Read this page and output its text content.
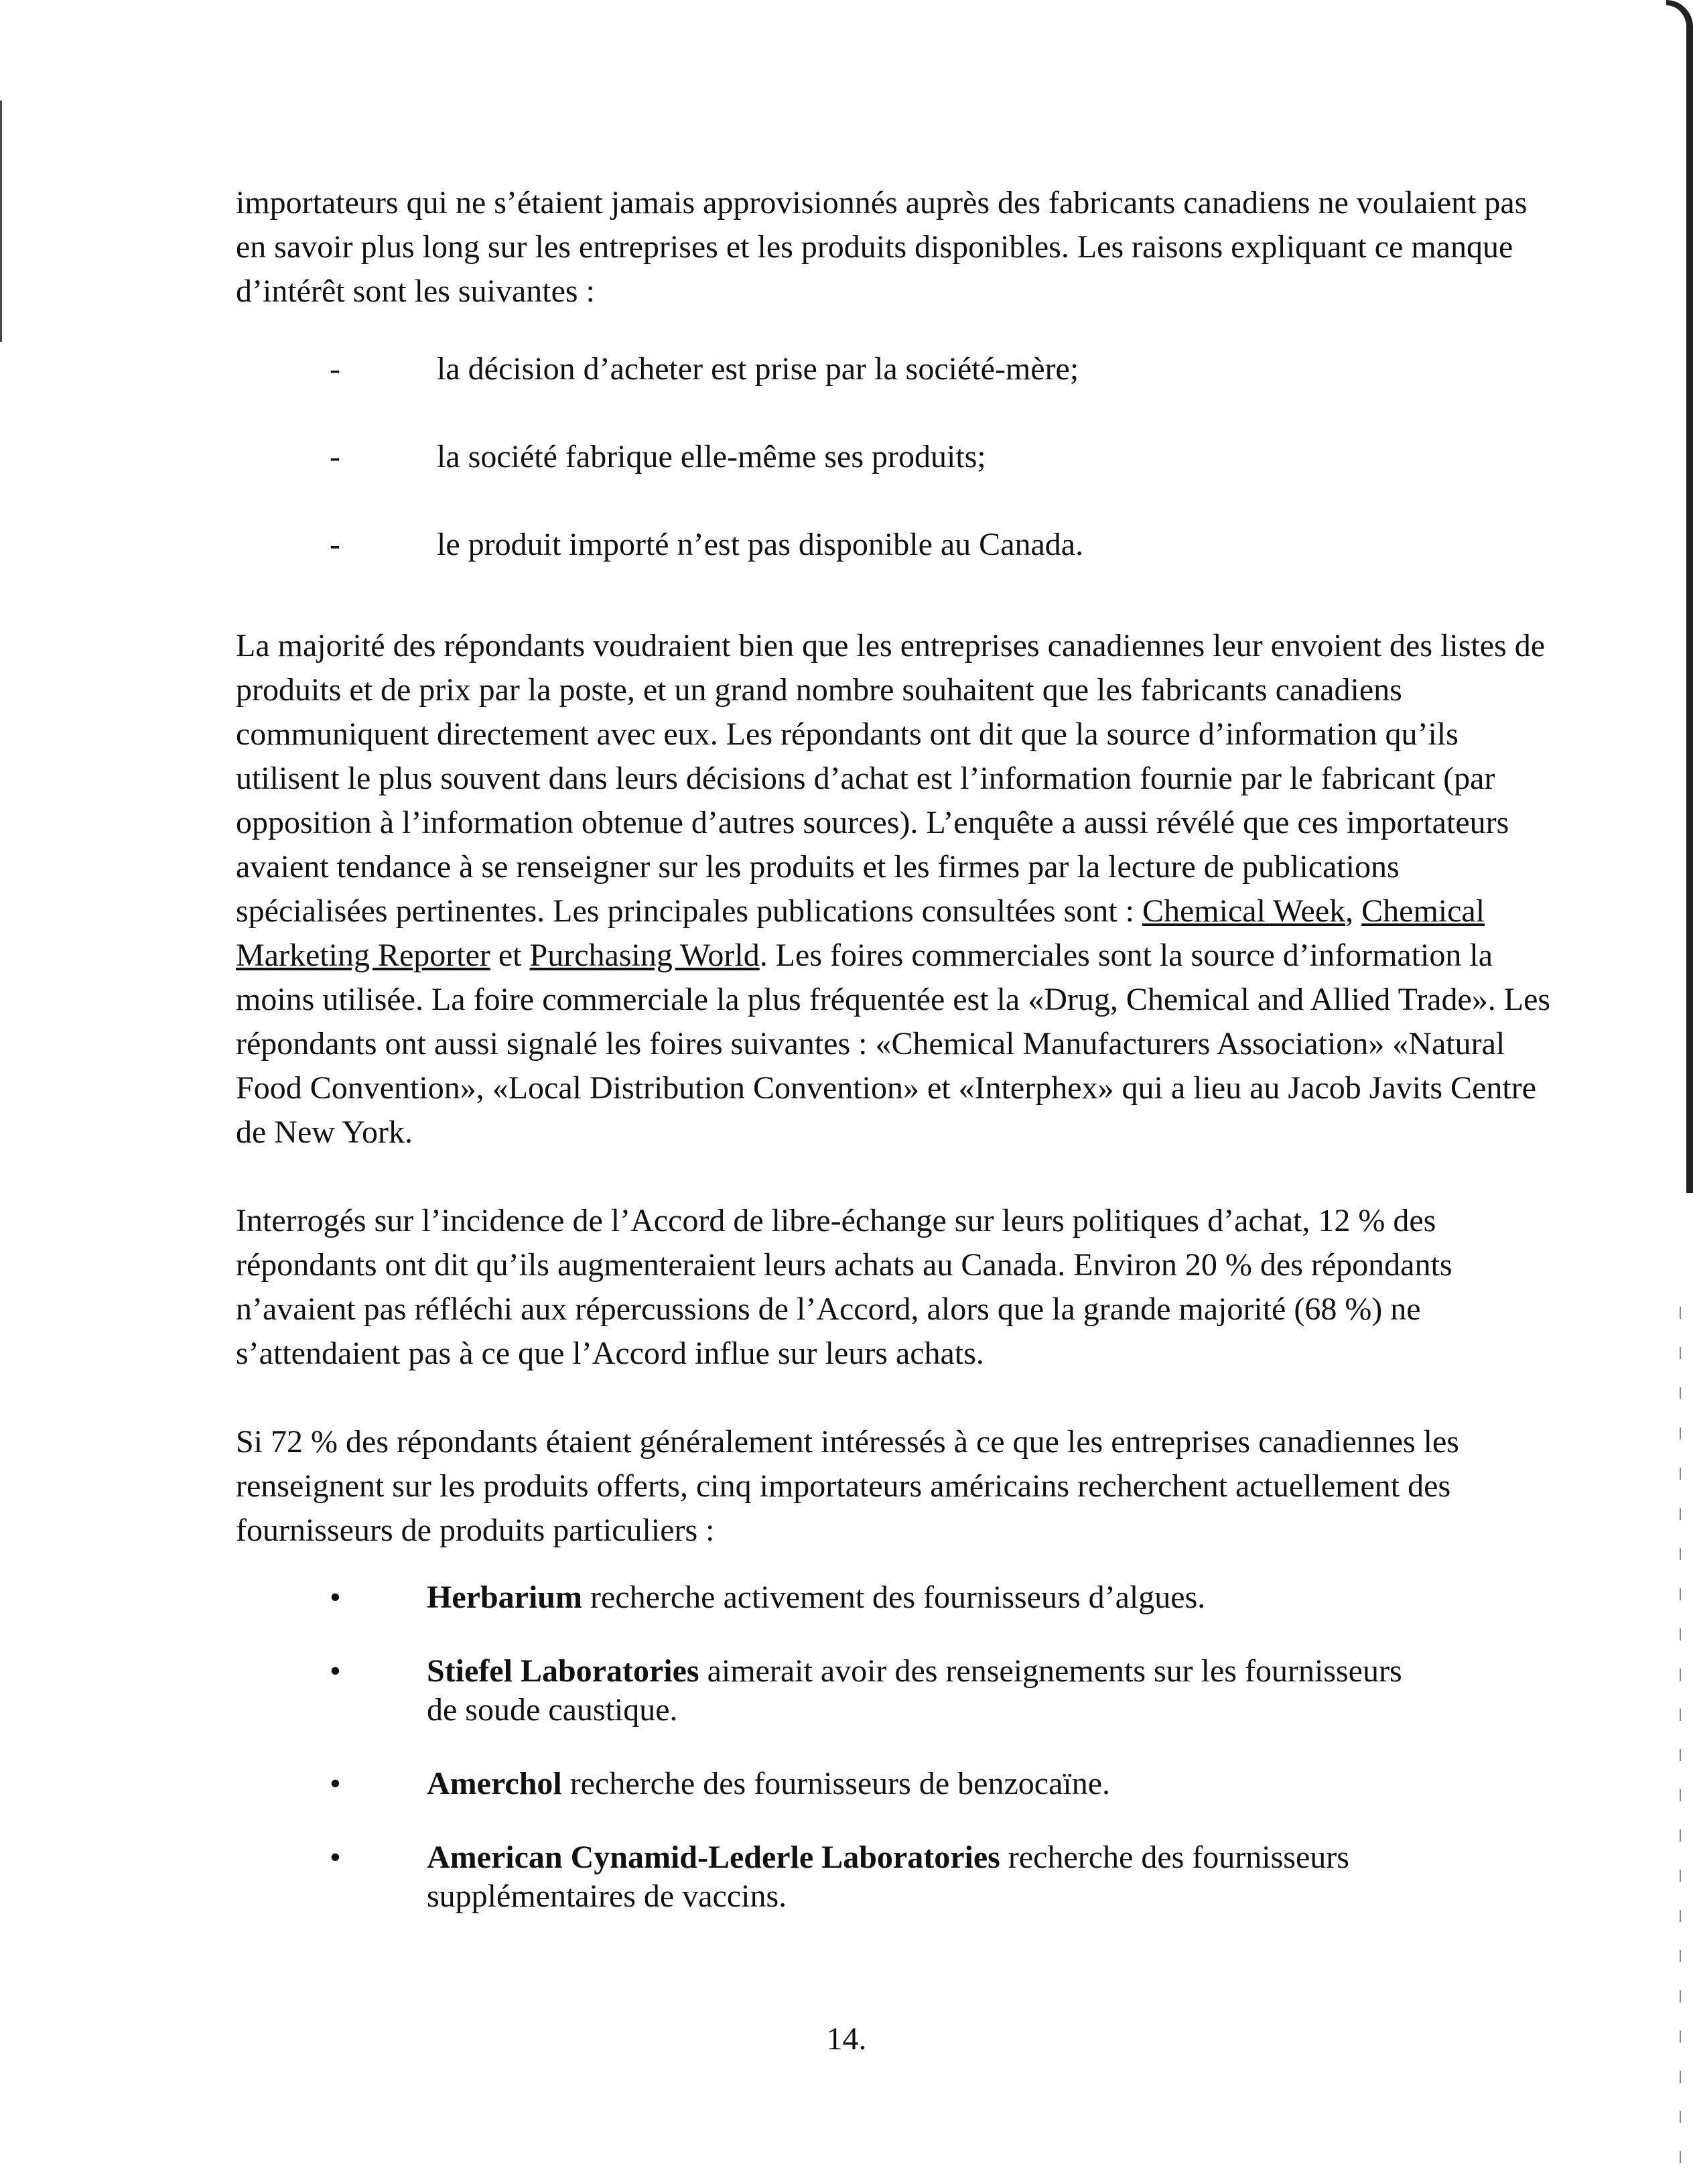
importateurs qui ne s’étaient jamais approvisionnés auprès des fabricants canadiens ne voulaient pas en savoir plus long sur les entreprises et les produits disponibles. Les raisons expliquant ce manque d’intérêt sont les suivantes :

-	la décision d’acheter est prise par la société-mère;
-	la société fabrique elle-même ses produits;
-	le produit importé n’est pas disponible au Canada.

La majorité des répondants voudraient bien que les entreprises canadiennes leur envoient des listes de produits et de prix par la poste, et un grand nombre souhaitent que les fabricants canadiens communiquent directement avec eux. Les répondants ont dit que la source d’information qu’ils utilisent le plus souvent dans leurs décisions d’achat est l’information fournie par le fabricant (par opposition à l’information obtenue d’autres sources). L’enquête a aussi révélé que ces importateurs avaient tendance à se renseigner sur les produits et les firmes par la lecture de publications spécialisées pertinentes. Les principales publications consultées sont : Chemical Week, Chemical Marketing Reporter et Purchasing World. Les foires commerciales sont la source d’information la moins utilisée. La foire commerciale la plus fréquentée est la «Drug, Chemical and Allied Trade». Les répondants ont aussi signalé les foires suivantes : «Chemical Manufacturers Association» «Natural Food Convention», «Local Distribution Convention» et «Interphex» qui a lieu au Jacob Javits Centre de New York.

Interrogés sur l’incidence de l’Accord de libre-échange sur leurs politiques d’achat, 12 % des répondants ont dit qu’ils augmenteraient leurs achats au Canada. Environ 20 % des répondants n’avaient pas réfléchi aux répercussions de l’Accord, alors que la grande majorité (68 %) ne s’attendaient pas à ce que l’Accord influe sur leurs achats.

Si 72 % des répondants étaient généralement intéressés à ce que les entreprises canadiennes les renseignent sur les produits offerts, cinq importateurs américains recherchent actuellement des fournisseurs de produits particuliers :

•	Herbarium recherche activement des fournisseurs d’algues.
•	Stiefel Laboratories aimerait avoir des renseignements sur les fournisseurs de soude caustique.
•	Amerchol recherche des fournisseurs de benzocaïne.
•	American Cynamid-Lederle Laboratories recherche des fournisseurs supplémentaires de vaccins.
14.
